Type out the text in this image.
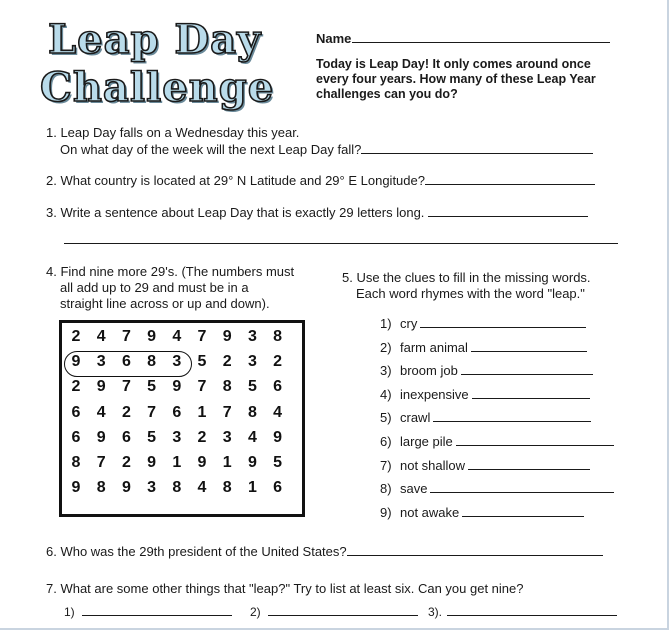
Leap Day
Challenge
Name
Today is Leap Day! It only comes around once every four years. How many of these Leap Year challenges can you do?
1. Leap Day falls on a Wednesday this year.
On what day of the week will the next Leap Day fall?
2. What country is located at 29° N Latitude and 29° E Longitude?
3. Write a sentence about Leap Day that is exactly 29 letters long.
4. Find nine more 29's. (The numbers must
all add up to 29 and must be in a
straight line across or up and down).
5. Use the clues to fill in the missing words.
Each word rhymes with the word "leap."
2	4	7	9	4	7	9	3	8
9	3	6	8	3	5	2	3	2
2	9	7	5	9	7	8	5	6
6	4	2	7	6	1	7	8	4
6	9	6	5	3	2	3	4	9
8	7	2	9	1	9	1	9	5
9	8	9	3	8	4	8	1	6
1) cry
2) farm animal
3) broom job
4) inexpensive
5) crawl
6) large pile
7) not shallow
8) save
9) not awake
6. Who was the 29th president of the United States?
7. What are some other things that "leap?" Try to list at least six. Can you get nine?
1)	2)	3).
